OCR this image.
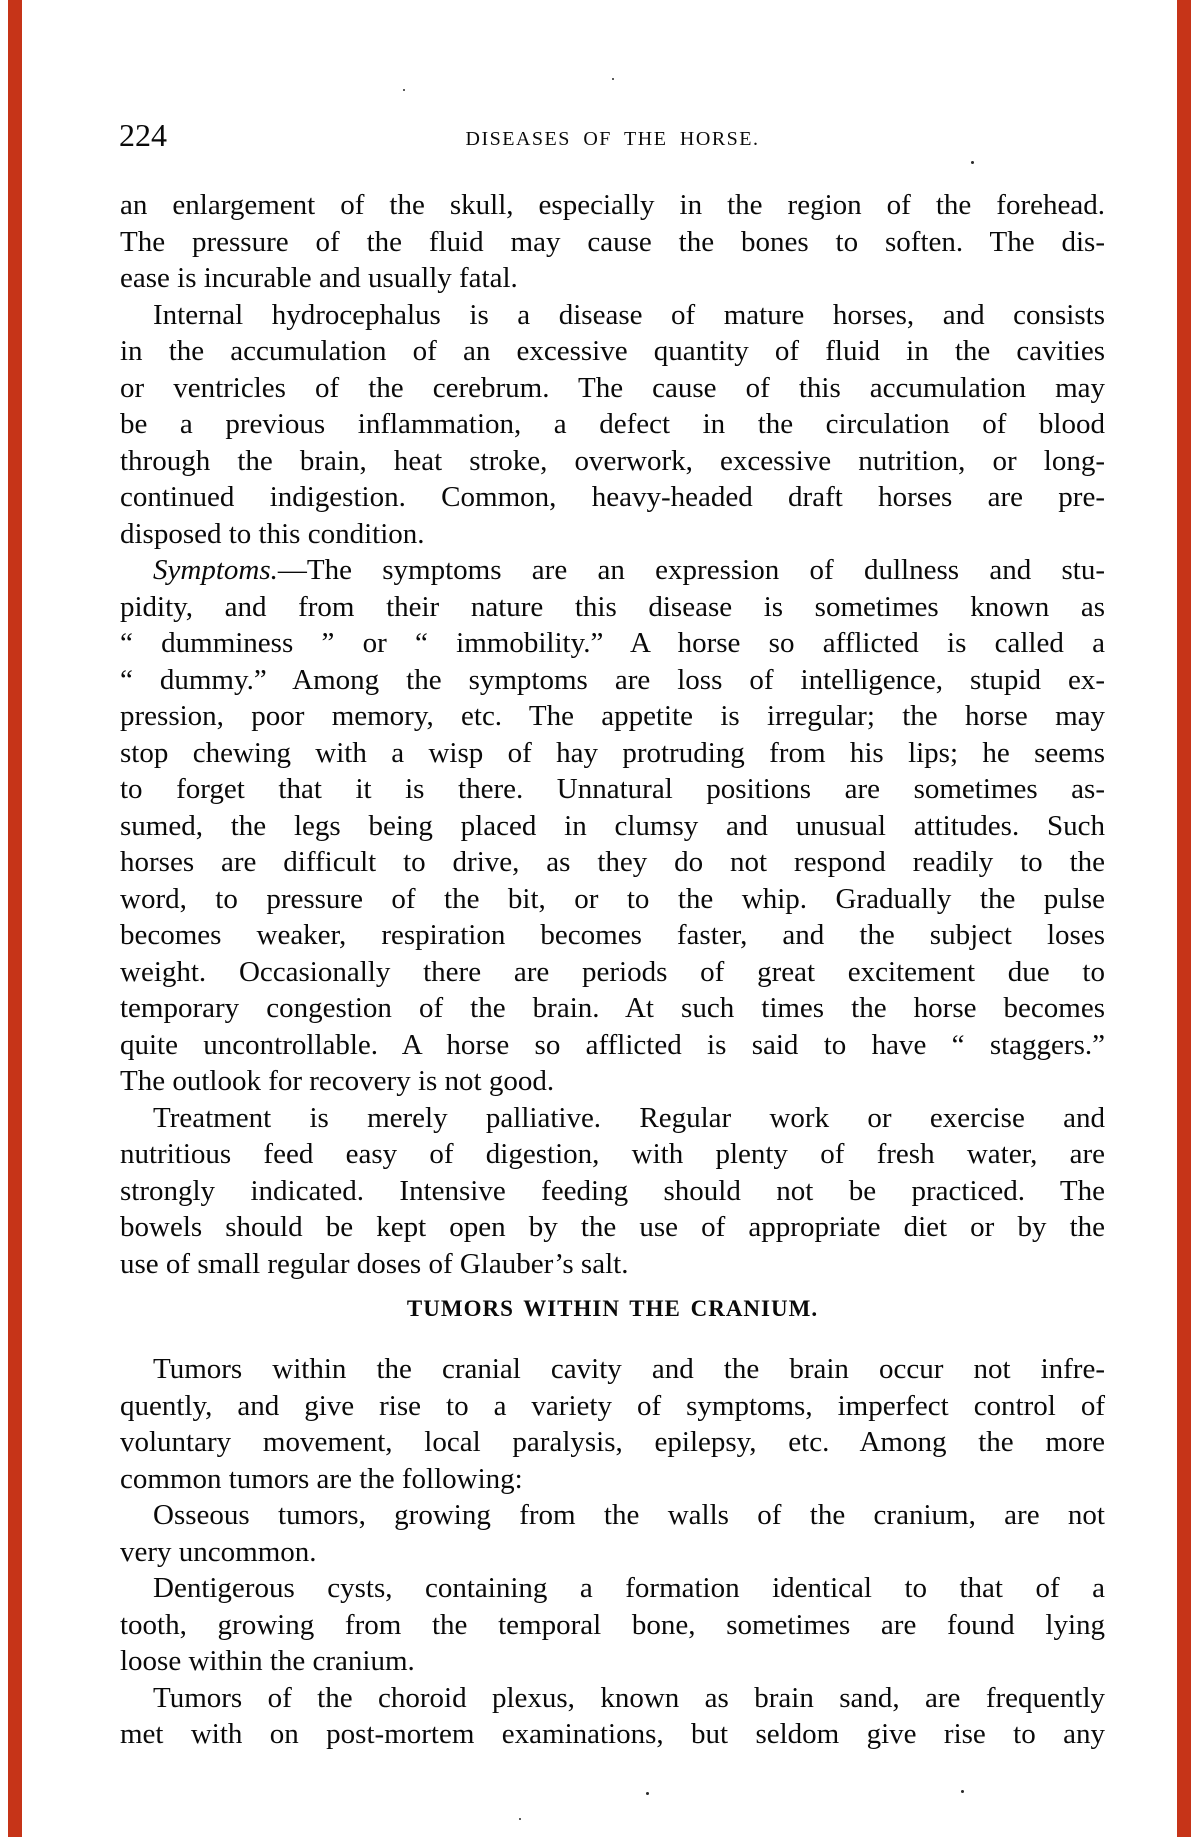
224	DISEASES OF THE HORSE.
an enlargement of the skull, especially in the region of the forehead.
The pressure of the fluid may cause the bones to soften. The dis-
ease is incurable and usually fatal.
Internal hydrocephalus is a disease of mature horses, and consists
in the accumulation of an excessive quantity of fluid in the cavities
or ventricles of the cerebrum. The cause of this accumulation may
be a previous inflammation, a defect in the circulation of blood
through the brain, heat stroke, overwork, excessive nutrition, or long-
continued indigestion. Common, heavy-headed draft horses are pre-
disposed to this condition.
Symptoms.—The symptoms are an expression of dullness and stu-
pidity, and from their nature this disease is sometimes known as
“ dumminess ” or “ immobility.” A horse so afflicted is called a
“ dummy.” Among the symptoms are loss of intelligence, stupid ex-
pression, poor memory, etc. The appetite is irregular; the horse may
stop chewing with a wisp of hay protruding from his lips; he seems
to forget that it is there. Unnatural positions are sometimes as-
sumed, the legs being placed in clumsy and unusual attitudes. Such
horses are difficult to drive, as they do not respond readily to the
word, to pressure of the bit, or to the whip. Gradually the pulse
becomes weaker, respiration becomes faster, and the subject loses
weight. Occasionally there are periods of great excitement due to
temporary congestion of the brain. At such times the horse becomes
quite uncontrollable. A horse so afflicted is said to have “ staggers.”
The outlook for recovery is not good.
Treatment is merely palliative. Regular work or exercise and
nutritious feed easy of digestion, with plenty of fresh water, are
strongly indicated. Intensive feeding should not be practiced. The
bowels should be kept open by the use of appropriate diet or by the
use of small regular doses of Glauber’s salt.
TUMORS WITHIN THE CRANIUM.
Tumors within the cranial cavity and the brain occur not infre-
quently, and give rise to a variety of symptoms, imperfect control of
voluntary movement, local paralysis, epilepsy, etc. Among the more
common tumors are the following:
Osseous tumors, growing from the walls of the cranium, are not
very uncommon.
Dentigerous cysts, containing a formation identical to that of a
tooth, growing from the temporal bone, sometimes are found lying
loose within the cranium.
Tumors of the choroid plexus, known as brain sand, are frequently
met with on post-mortem examinations, but seldom give rise to any
